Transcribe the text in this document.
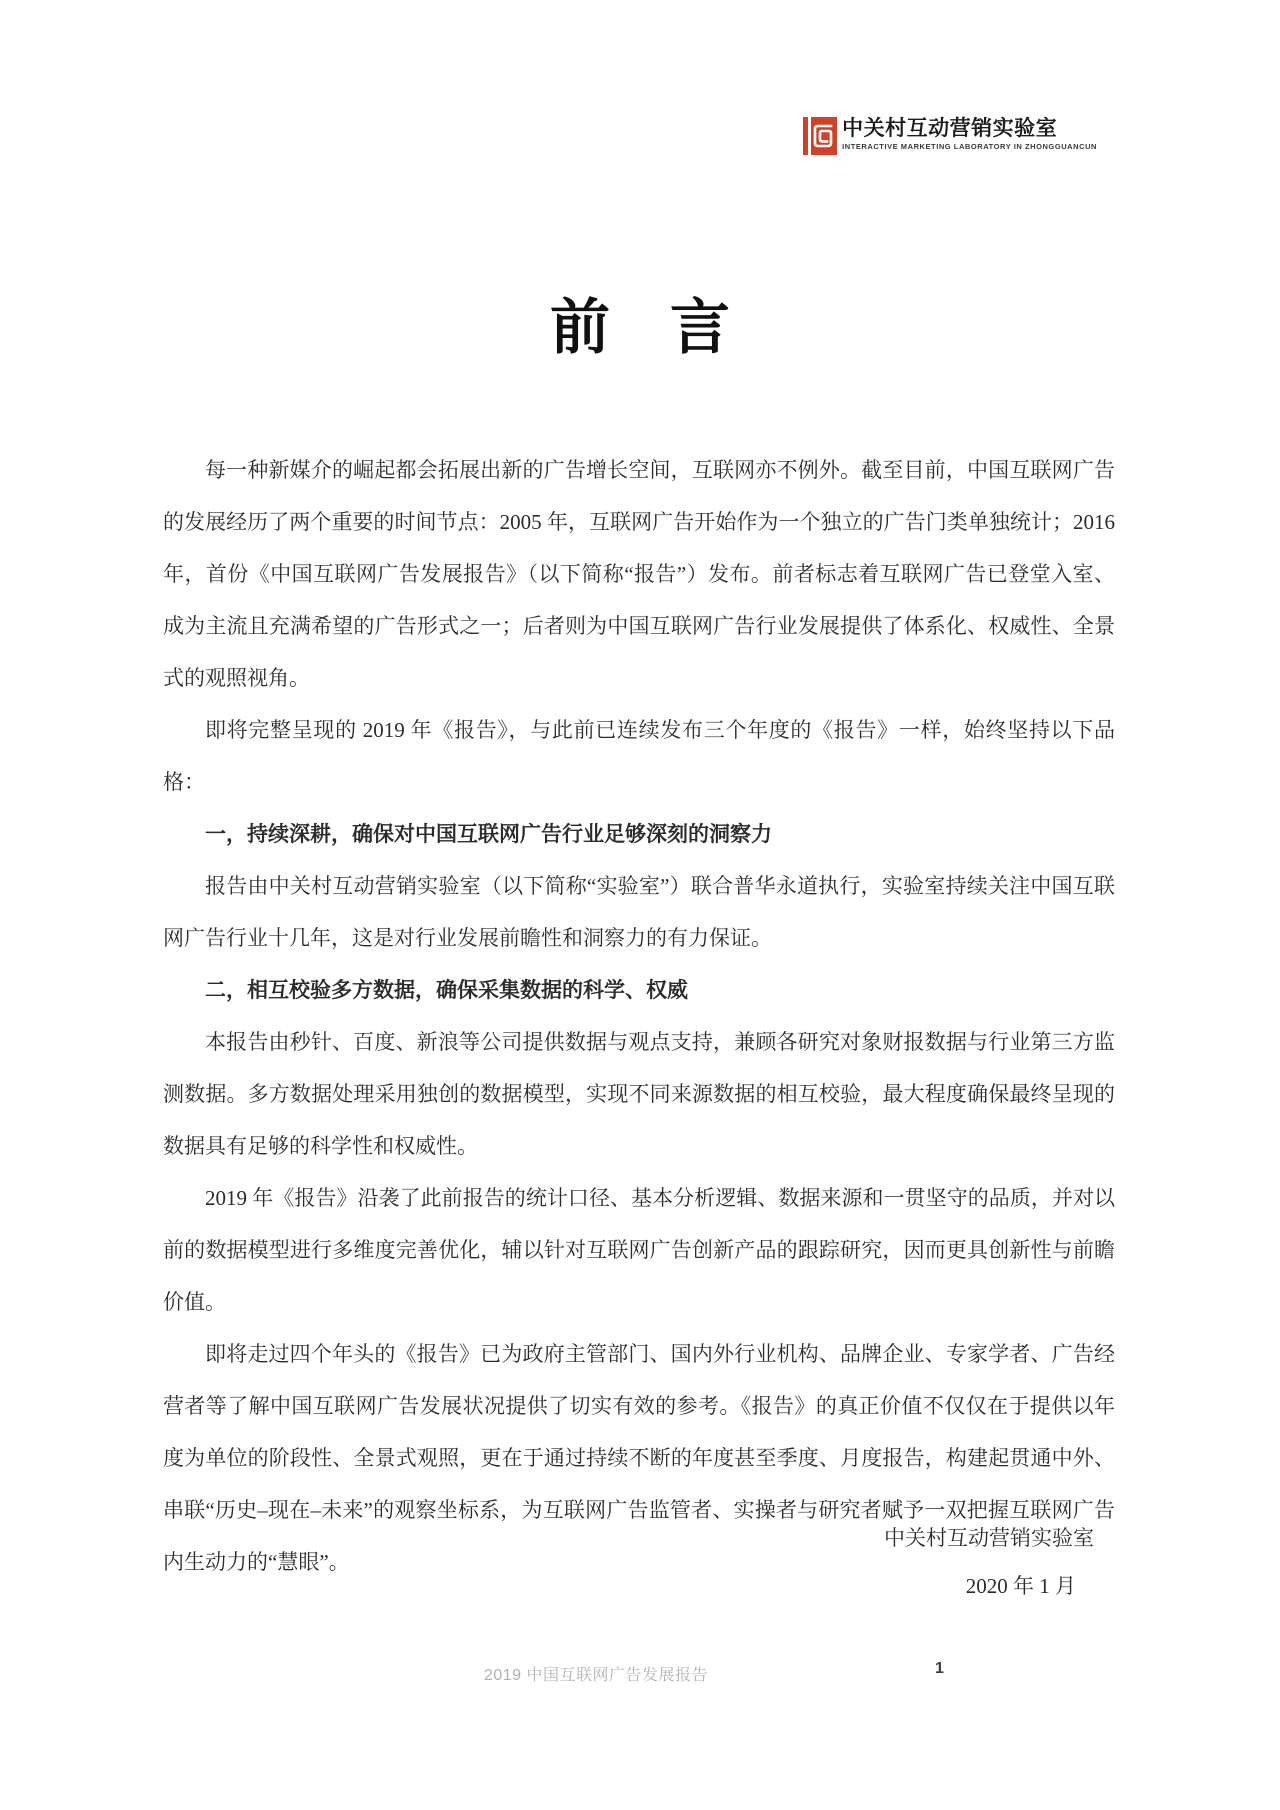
中关村互动营销实验室
INTERACTIVE MARKETING LABORATORY IN ZHONGGUANCUN
前　言

每一种新媒介的崛起都会拓展出新的广告增长空间，互联网亦不例外。截至目前，中国互联网广告的发展经历了两个重要的时间节点：2005 年，互联网广告开始作为一个独立的广告门类单独统计；2016 年，首份《中国互联网广告发展报告》（以下简称“报告”）发布。前者标志着互联网广告已登堂入室、成为主流且充满希望的广告形式之一；后者则为中国互联网广告行业发展提供了体系化、权威性、全景式的观照视角。

即将完整呈现的 2019 年《报告》，与此前已连续发布三个年度的《报告》一样，始终坚持以下品格：

一，持续深耕，确保对中国互联网广告行业足够深刻的洞察力

报告由中关村互动营销实验室（以下简称“实验室”）联合普华永道执行，实验室持续关注中国互联网广告行业十几年，这是对行业发展前瞻性和洞察力的有力保证。

二，相互校验多方数据，确保采集数据的科学、权威

本报告由秒针、百度、新浪等公司提供数据与观点支持，兼顾各研究对象财报数据与行业第三方监测数据。多方数据处理采用独创的数据模型，实现不同来源数据的相互校验，最大程度确保最终呈现的数据具有足够的科学性和权威性。

2019 年《报告》沿袭了此前报告的统计口径、基本分析逻辑、数据来源和一贯坚守的品质，并对以前的数据模型进行多维度完善优化，辅以针对互联网广告创新产品的跟踪研究，因而更具创新性与前瞻价值。

即将走过四个年头的《报告》已为政府主管部门、国内外行业机构、品牌企业、专家学者、广告经营者等了解中国互联网广告发展状况提供了切实有效的参考。《报告》的真正价值不仅仅在于提供以年度为单位的阶段性、全景式观照，更在于通过持续不断的年度甚至季度、月度报告，构建起贯通中外、串联“历史–现在–未来”的观察坐标系，为互联网广告监管者、实操者与研究者赋予一双把握互联网广告内生动力的“慧眼”。

中关村互动营销实验室
2020 年 1 月
2019 中国互联网广告发展报告	1
